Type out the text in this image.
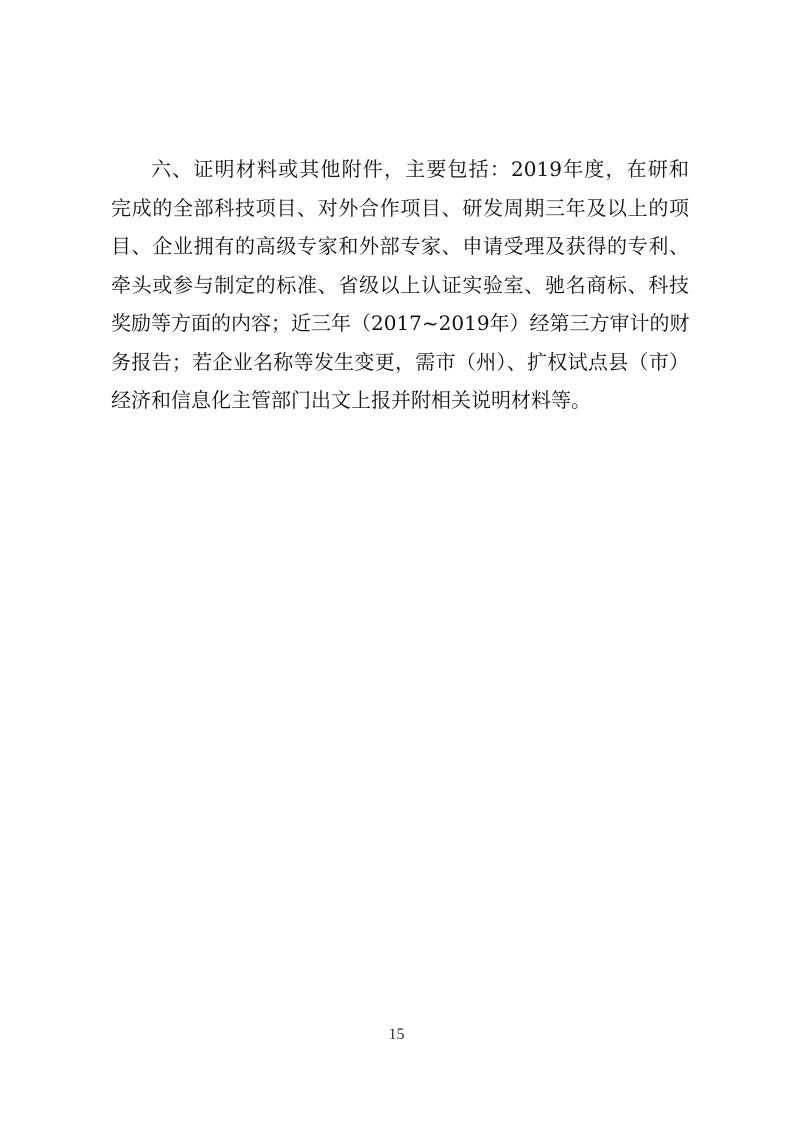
六、证明材料或其他附件，主要包括：2019年度，在研和
完成的全部科技项目、对外合作项目、研发周期三年及以上的项
目、企业拥有的高级专家和外部专家、申请受理及获得的专利、
牵头或参与制定的标准、省级以上认证实验室、驰名商标、科技
奖励等方面的内容；近三年（2017~2019年）经第三方审计的财
务报告；若企业名称等发生变更，需市（州）、扩权试点县（市）
经济和信息化主管部门出文上报并附相关说明材料等。
15
